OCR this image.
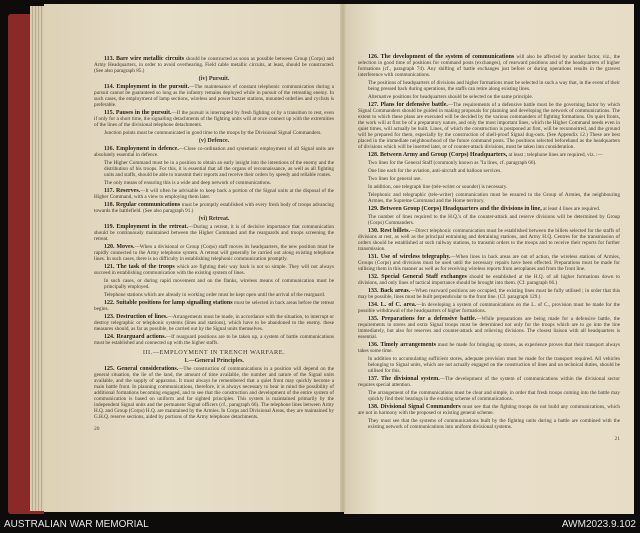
113. Bare wire metallic circuits should be constructed as soon as possible between Group (Corps) and Army Headquarters, in order to avoid overhearing. Field cable metallic circuits, at least, should be constructed. (See also paragraph 85.)

(iv) Pursuit.

114. Employment in the pursuit.—The maintenance of constant telephonic communication during a pursuit cannot be guaranteed so long as the infantry remains deployed while in pursuit of the retreating enemy. In such cases, the employment of lamp sections, wireless and power buzzer stations, mounted orderlies and cyclists is preferable.

115. Pauses in the pursuit.—If the pursuit is interrupted by fresh fighting or by a transition to rest, even if only for a short time, the signalling detachments of the fighting units will at once connect up with the extremities of the lines of the divisional telephone detachments.

Junction points must be communicated in good time to the troops by the Divisional Signal Commanders.
(v) Defence.

116. Employment in defence.—Close co-ordination and systematic employment of all Signal units are absolutely essential in defence.

The Higher Command must be in a position to obtain an early insight into the intentions of the enemy and the distribution of his troops. For this, it is essential that all the organs of reconnaissance, as well as all fighting units and staffs, should be able to transmit their reports and receive their orders by speedy and reliable routes.
The only means of ensuring this is a wide and deep network of communications.

117. Reserves.—It will often be advisable to keep back a portion of the Signal units at the disposal of the Higher Command, with a view to employing them later.

118. Regular communications must be promptly established with every fresh body of troops advancing towards the battlefield. (See also paragraph 91.)

(vi) Retreat.

119. Employment in the retreat.—During a retreat, it is of decisive importance that communication should be continuously maintained between the Higher Command and the rearguards and troops screening the retreat.

120. Moves.—When a divisional or Group (Corps) staff moves its headquarters, the new position must be rapidly connected to the Army telephone system. A retreat will generally be carried out along existing telephone lines. In such cases, there is no difficulty in establishing telephonic communication promptly.

121. The task of the troops which are fighting their way back is not so simple. They will not always succeed in establishing communication with the existing system of lines.

In such cases, or during rapid movement and on the flanks, wireless means of communication must be principally employed.
Telephone stations which are already in working order must be kept open until the arrival of the rearguard.

122. Suitable positions for lamp signalling stations must be selected in back areas before the retreat begins.

123. Destruction of lines.—Arrangements must be made, in accordance with the situation, to interrupt or destroy telegraphic or telephonic systems (lines and stations), which have to be abandoned to the enemy. these measures should, as far as possible, be carried out by the Signal units themselves.

124. Rearguard actions.—If rearguard positions are to be taken up, a system of battle communications must be established and connected up with the higher staffs.

III.—EMPLOYMENT IN TRENCH WARFARE.
1.—General Principles.

125. General considerations.—The construction of communications in a position will depend on the general situation, the lie of the land, the amount of time available, the number and nature of the Signal units available, and the supply of apparatus. It must always be remembered that a quiet front may quickly become a main battle front. In planning communications, therefore, it is always necessary to bear in mind the possibility of additional formations becoming engaged, and to see that the construction and development of the entire system of communication is based on uniform and far sighted principles. This system is maintained primarily by the independent Signal units and the permanent Signal officers (cf., paragraph 66). The telephone lines between Army H.Q. and Group (Corps) H.Q. are maintained by the Armies. In Corps and Divisional Areas, they are maintained by G.H.Q. reserve sections, aided by portions of the Army telephone detachments.

20

126. The development of the system of communications will also be affected by another factor, viz., the selection in good time of positions for command posts (exchanges), of rearward positions and of the headquarters of higher formations (cf., paragraph 74). Any shifting of battle exchanges just before or during operations results in the gravest interference with communications.

The positions of headquarters of divisions and higher formations must be selected in such a way that, in the event of their being pressed back during operations, the staffs can retire along existing lines.
Alternative positions for headquarters should be selected on the same principle.

127. Plans for defensive battle.—The requirements of a defensive battle must be the governing factor by which Signal Commanders should be guided in making proposals for planning and developing the network of communications. The extent to which these plans are executed will be decided by the various commanders of fighting formations. On quiet fronts, the work will at first be of a preparatory nature, and only the most important lines, which the Higher Command needs even in quiet times, will actually be built. Lines, of which the construction is postponed at first, will be reconnoitred, and the ground will be prepared for them, especially by the construction of shell-proof Signal dug-outs. (See Appendix 12.) These are best placed in the immediate neighbourhood of the future command posts. The positions selected beforehand as the headquarters of divisions which will be inserted later, or of counter-attack divisions, must be taken into consideration.

128. Between Army and Group (Corps) Headquarters, at least ; telephone lines are required, viz. :—

Two lines for the General Staff (commonly known as "Ia lines, cf. paragraph 66).
One line each for the aviation, anti-aircraft and balloon services.
Two lines for general use.
In addition, one telegraph line (tele-writer or sounder) is necessary.
Telephonic and telegraphic (tele-writer) communication must be ensured to the Group of Armies, the neighbouring Armies, the Supreme Command and the Home territory.

129. Between Group (Corps) Headquarters and the divisions in line, at least 4 lines are required.

The number of lines required to the H.Q.'s of the counter-attack and reserve divisions will be determined by Group (Corps) Commanders.

130. Rest billets.—Direct telephonic communication must be established between the billets selected for the staffs of divisions at rest, as well as the principal entraining and detraining stations, and Army H.Q. Centres for the transmission of orders should be established at such railway stations, to transmit orders to the troops and to receive their reports for further transmission.

131. Use of wireless telegraphy.—When lines in back areas are out of action, the wireless stations of Armies, Groups (Corps) and divisions must be used until the necessary repairs have been effected. Preparations must be made for utilising them in this manner as well as for receiving wireless reports from aeroplanes and from the front line.

132. Special General Staff exchanges should be established at the H.Q. of all higher formations down to divisions, and only lines of tactical importance should be brought into them. (Cf. paragraph 66.)

133. Back areas.—When rearward positions are occupied, the existing lines must be fully utilised ; in order that this may be possible, lines must be built perpendicular to the front line. (Cf. paragraph 129.)

134. L. of C. area.—In developing a system of communications on the L. of C., provision must be made for the possible withdrawal of the headquarters of higher formations.

135. Preparations for a defensive battle.—While preparations are being made for a defensive battle, the requirements in stores and extra Signal troops must be determined not only for the troops which are to go into the line immediately, but also for reserves and counter-attack and relieving divisions. The closest liaison with all headquarters is essential.

136. Timely arrangements must be made for bringing up stores, as experience proves that their transport always takes some time.

In addition to accumulating sufficient stores, adequate provision must be made for the transport required. All vehicles belonging to Signal units, which are not actually engaged on the construction of lines and on technical duties, should be utilised for this.

137. The divisional system.—The development of the system of communications within the divisional sector requires special attention.

The arrangement of the communications must be clear and simple, in order that fresh troops coming into the battle may quickly find their bearings in the existing scheme of communications.

138. Divisional Signal Commanders must see that the fighting troops do not build any communications, which are not in harmony with the proposed or existing general scheme.

They must see that the systems of communications built by the fighting units during a battle are combined with the existing network of communications into uniform divisional systems.
21
AUSTRALIAN WAR MEMORIAL	AWM2023.9.102
